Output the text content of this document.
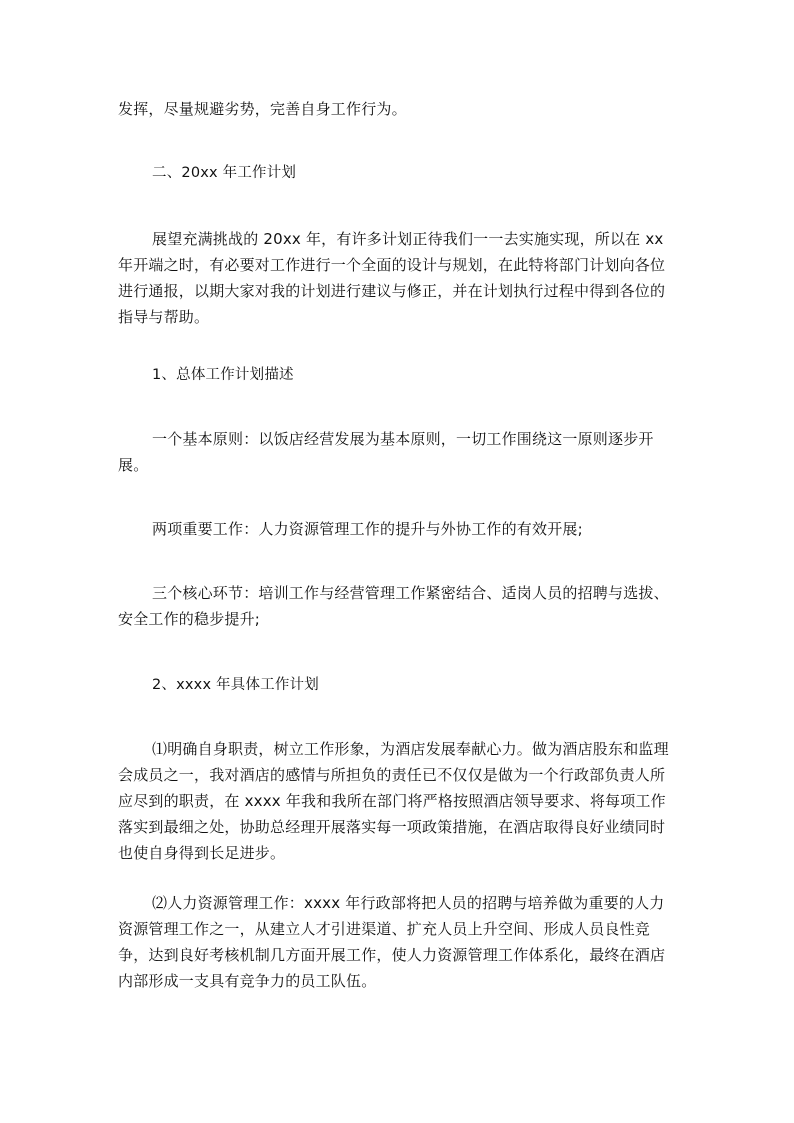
发挥，尽量规避劣势，完善自身工作行为。

二、20xx 年工作计划

展望充满挑战的 20xx 年，有许多计划正待我们一一去实施实现，所以在 xx 年开端之时，有必要对工作进行一个全面的设计与规划，在此特将部门计划向各位进行通报，以期大家对我的计划进行建议与修正，并在计划执行过程中得到各位的指导与帮助。

1、总体工作计划描述

一个基本原则：以饭店经营发展为基本原则，一切工作围绕这一原则逐步开展。

两项重要工作：人力资源管理工作的提升与外协工作的有效开展;

三个核心环节：培训工作与经营管理工作紧密结合、适岗人员的招聘与选拔、安全工作的稳步提升;

2、xxxx 年具体工作计划

⑴明确自身职责，树立工作形象，为酒店发展奉献心力。做为酒店股东和监理会成员之一，我对酒店的感情与所担负的责任已不仅仅是做为一个行政部负责人所应尽到的职责，在 xxxx 年我和我所在部门将严格按照酒店领导要求、将每项工作落实到最细之处，协助总经理开展落实每一项政策措施，在酒店取得良好业绩同时也使自身得到长足进步。

⑵人力资源管理工作：xxxx 年行政部将把人员的招聘与培养做为重要的人力资源管理工作之一，从建立人才引进渠道、扩充人员上升空间、形成人员良性竞争，达到良好考核机制几方面开展工作，使人力资源管理工作体系化，最终在酒店内部形成一支具有竞争力的员工队伍。
